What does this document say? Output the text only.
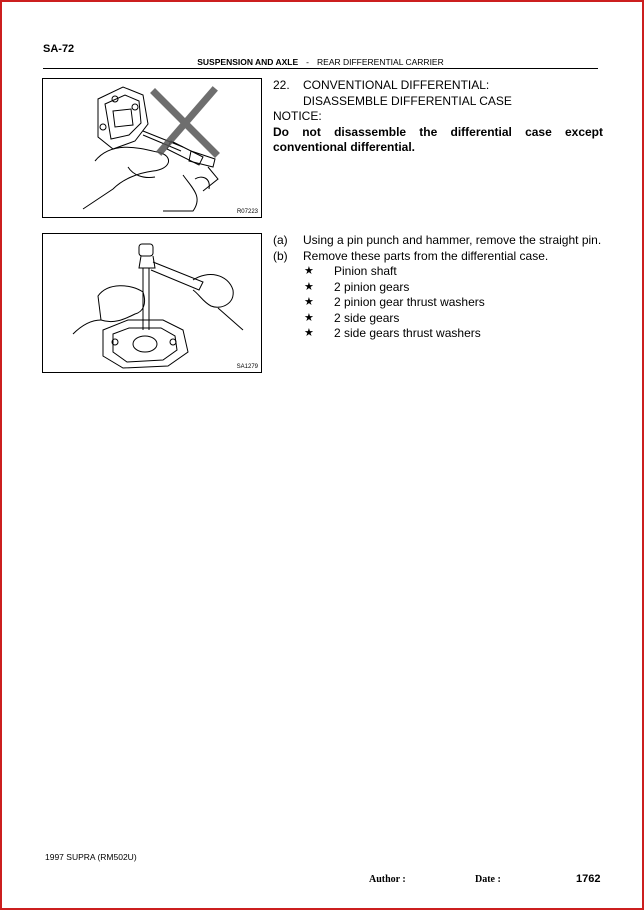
SA-72
SUSPENSION AND AXLE - REAR DIFFERENTIAL CARRIER
R07223
22. CONVENTIONAL DIFFERENTIAL:
DISASSEMBLE DIFFERENTIAL CASE
NOTICE:
Do not disassemble the differential case except conventional differential.
SA1279
(a)	Using a pin punch and hammer, remove the straight pin.
(b)	Remove these parts from the differential case.
★	Pinion shaft
★	2 pinion gears
★	2 pinion gear thrust washers
★	2 side gears
★	2 side gears thrust washers
1997 SUPRA (RM502U)
Author :	Date :	1762
